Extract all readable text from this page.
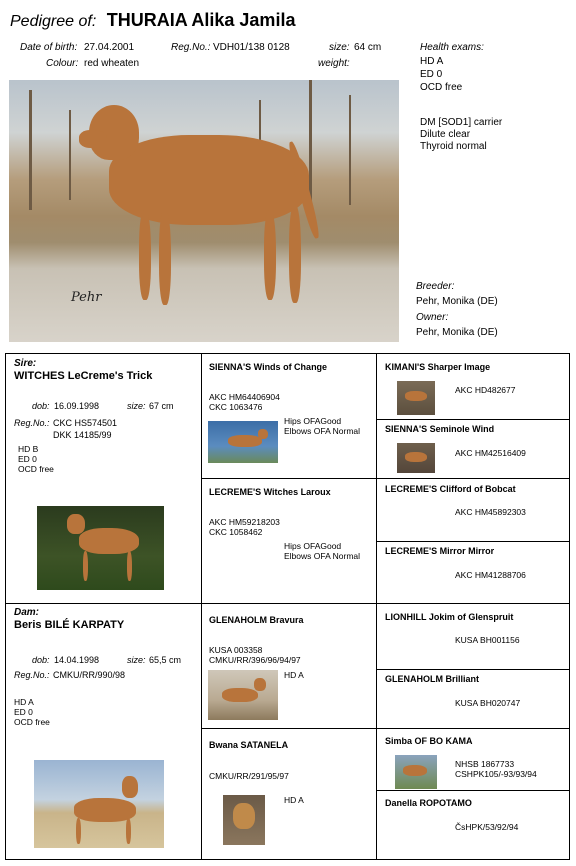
Pedigree of: THURAIA Alika Jamila
Date of birth: 27.04.2001	Reg.No.: VDH01/138 0128	size: 64 cm
Colour: red wheaten	weight:
Health exams:
HD A
ED 0
OCD free
DM [SOD1] carrier
Dilute clear
Thyroid normal
Pehr
Breeder:
Pehr, Monika (DE)
Owner:
Pehr, Monika (DE)
Sire:
WITCHES LeCreme's Trick
dob: 16.09.1998	size: 67 cm
Reg.No.: CKC HS574501
DKK 14185/99
HD B
ED 0
OCD free
Dam:
Beris BILÉ KARPATY
dob: 14.04.1998	size: 65,5 cm
Reg.No.: CMKU/RR/990/98
HD A
ED 0
OCD free
SIENNA'S Winds of Change
AKC HM64406904
CKC 1063476
Hips OFAGood
Elbows OFA Normal
LECREME'S Witches Laroux
AKC HM59218203
CKC 1058462
Hips OFAGood
Elbows OFA Normal
GLENAHOLM Bravura
KUSA 003358
CMKU/RR/396/96/94/97
HD A
Bwana SATANELA
CMKU/RR/291/95/97
HD A
KIMANI'S Sharper Image
AKC HD482677
SIENNA'S Seminole Wind
AKC HM42516409
LECREME'S Clifford of Bobcat
AKC HM45892303
LECREME'S Mirror Mirror
AKC HM41288706
LIONHILL Jokim of Glenspruit
KUSA BH001156
GLENAHOLM Brilliant
KUSA BH020747
Simba OF BO KAMA
NHSB 1867733
CSHPK105/-93/93/94
Danella ROPOTAMO
ČsHPK/53/92/94
